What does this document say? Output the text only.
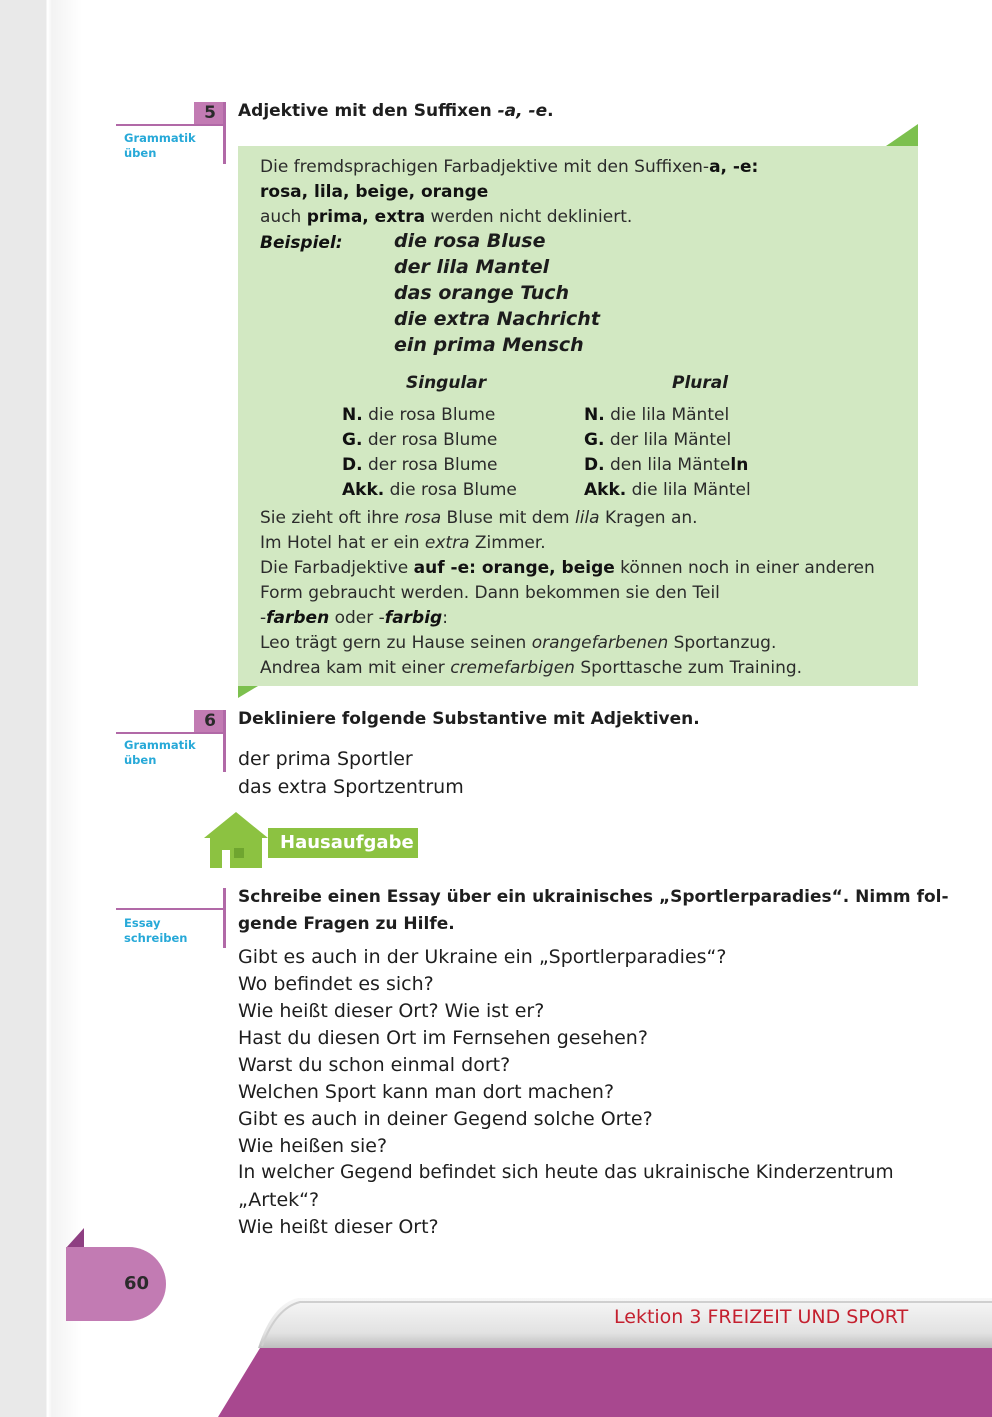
5
Grammatik
üben
Adjektive mit den Suffixen -a, -e.
Die fremdsprachigen Farbadjektive mit den Suffixen-a, -e:
rosa, lila, beige, orange
auch prima, extra werden nicht dekliniert.
Beispiel:	die rosa Bluse
der lila Mantel
das orange Tuch
die extra Nachricht
ein prima Mensch
Singular	Plural
N. die rosa Blume
G. der rosa Blume
D. der rosa Blume
Akk. die rosa Blume
N. die lila Mäntel
G. der lila Mäntel
D. den lila Mänteln
Akk. die lila Mäntel
Sie zieht oft ihre rosa Bluse mit dem lila Kragen an.
Im Hotel hat er ein extra Zimmer.
Die Farbadjektive auf -e: orange, beige können noch in einer anderen
Form gebraucht werden. Dann bekommen sie den Teil
-farben oder -farbig:
Leo trägt gern zu Hause seinen orangefarbenen Sportanzug.
Andrea kam mit einer cremefarbigen Sporttasche zum Training.
6
Grammatik
üben
Dekliniere folgende Substantive mit Adjektiven.
der prima Sportler
das extra Sportzentrum
Hausaufgabe
Essay
schreiben
Schreibe einen Essay über ein ukrainisches „Sportlerparadies“. Nimm fol-
gende Fragen zu Hilfe.
Gibt es auch in der Ukraine ein „Sportlerparadies“?
Wo befindet es sich?
Wie heißt dieser Ort? Wie ist er?
Hast du diesen Ort im Fernsehen gesehen?
Warst du schon einmal dort?
Welchen Sport kann man dort machen?
Gibt es auch in deiner Gegend solche Orte?
Wie heißen sie?
In welcher Gegend befindet sich heute das ukrainische Kinderzentrum
„Artek“?
Wie heißt dieser Ort?
60
Lektion 3 FREIZEIT UND SPORT
